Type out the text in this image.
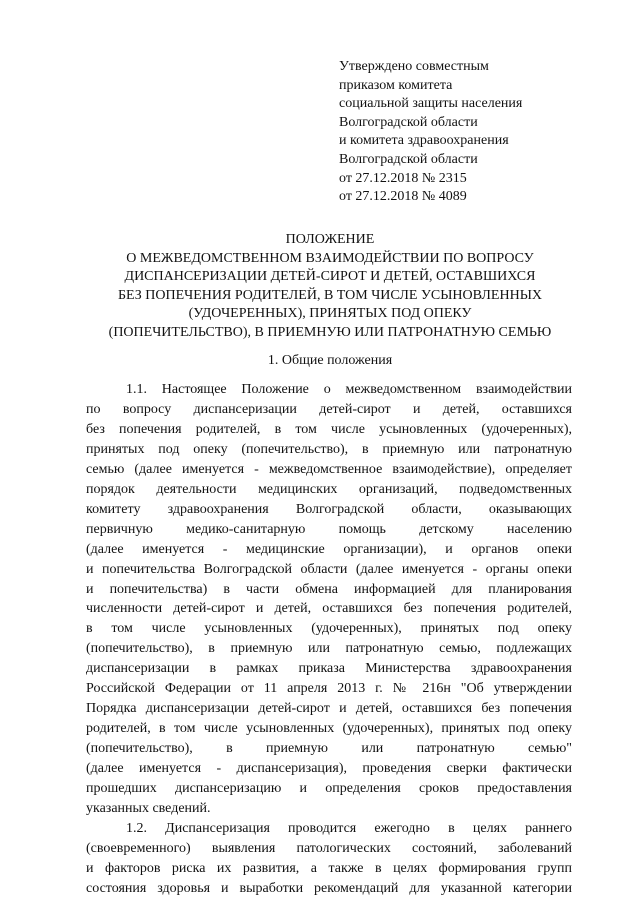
Утверждено совместным
приказом комитета
социальной защиты населения
Волгоградской области
и комитета здравоохранения
Волгоградской области
от 27.12.2018 № 2315
от 27.12.2018 № 4089
ПОЛОЖЕНИЕ
О МЕЖВЕДОМСТВЕННОМ ВЗАИМОДЕЙСТВИИ ПО ВОПРОСУ
ДИСПАНСЕРИЗАЦИИ ДЕТЕЙ-СИРОТ И ДЕТЕЙ, ОСТАВШИХСЯ
БЕЗ ПОПЕЧЕНИЯ РОДИТЕЛЕЙ, В ТОМ ЧИСЛЕ УСЫНОВЛЕННЫХ
(УДОЧЕРЕННЫХ), ПРИНЯТЫХ ПОД ОПЕКУ
(ПОПЕЧИТЕЛЬСТВО), В ПРИЕМНУЮ ИЛИ ПАТРОНАТНУЮ СЕМЬЮ
1. Общие положения
1.1. Настоящее Положение о межведомственном взаимодействии
по вопросу диспансеризации детей-сирот и детей, оставшихся
без попечения родителей, в том числе усыновленных (удочеренных),
принятых под опеку (попечительство), в приемную или патронатную
семью (далее именуется - межведомственное взаимодействие), определяет
порядок деятельности медицинских организаций, подведомственных
комитету здравоохранения Волгоградской области, оказывающих
первичную медико-санитарную помощь детскому населению
(далее именуется - медицинские организации), и органов опеки
и попечительства Волгоградской области (далее именуется - органы опеки
и попечительства) в части обмена информацией для планирования
численности детей-сирот и детей, оставшихся без попечения родителей,
в том числе усыновленных (удочеренных), принятых под опеку
(попечительство), в приемную или патронатную семью, подлежащих
диспансеризации в рамках приказа Министерства здравоохранения
Российской Федерации от 11 апреля 2013 г. № 216н "Об утверждении
Порядка диспансеризации детей-сирот и детей, оставшихся без попечения
родителей, в том числе усыновленных (удочеренных), принятых под опеку
(попечительство), в приемную или патронатную семью"
(далее именуется - диспансеризация), проведения сверки фактически
прошедших диспансеризацию и определения сроков предоставления
указанных сведений.
1.2. Диспансеризация проводится ежегодно в целях раннего
(своевременного) выявления патологических состояний, заболеваний
и факторов риска их развития, а также в целях формирования групп
состояния здоровья и выработки рекомендаций для указанной категории
